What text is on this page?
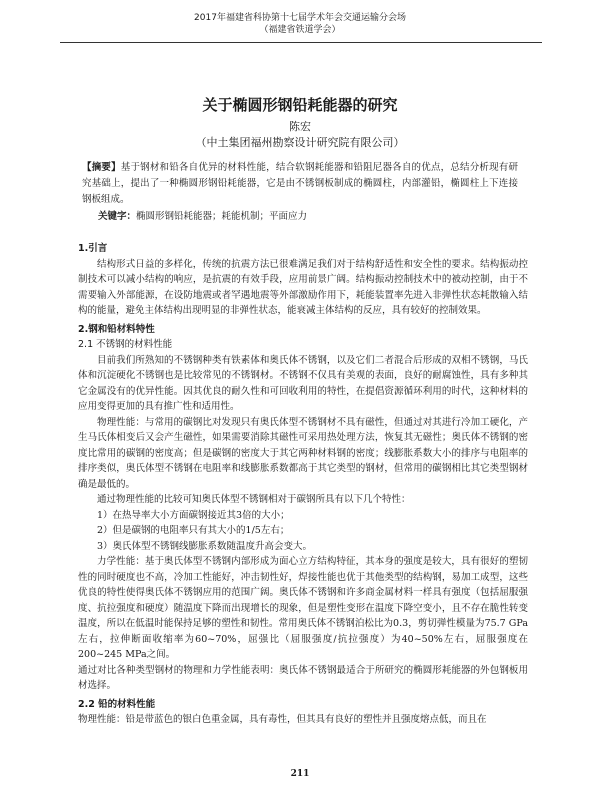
2017年福建省科协第十七届学术年会交通运输分会场
（福建省铁道学会）
关于椭圆形钢铅耗能器的研究
陈宏
（中土集团福州勘察设计研究院有限公司）
【摘要】基于钢材和铅各自优异的材料性能，结合软钢耗能器和铅阻尼器各自的优点，总结分析现有研究基础上，提出了一种椭圆形钢铅耗能器，它是由不锈钢板制成的椭圆柱，内部灌铅，椭圆柱上下连接钢板组成。
关键字：椭圆形钢铅耗能器；耗能机制；平面应力

1.引言

结构形式日益的多样化，传统的抗震方法已很难满足我们对于结构舒适性和安全性的要求。结构振动控制技术可以减小结构的响应，是抗震的有效手段，应用前景广阔。结构振动控制技术中的被动控制，由于不需要输入外部能源，在设防地震或者罕遇地震等外部激励作用下，耗能装置率先进入非弹性状态耗散输入结构的能量，避免主体结构出现明显的非弹性状态，能衰减主体结构的反应，具有较好的控制效果。

2.钢和铅材料特性

2.1 不锈钢的材料性能

目前我们所熟知的不锈钢种类有铁素体和奥氏体不锈钢，以及它们二者混合后形成的双相不锈钢，马氏体和沉淀硬化不锈钢也是比较常见的不锈钢材。不锈钢不仅具有美观的表面，良好的耐腐蚀性，具有多种其它金属没有的优异性能。因其优良的耐久性和可回收利用的特性，在提倡资源循环利用的时代，这种材料的应用变得更加的具有推广性和适用性。

物理性能：与常用的碳钢比对发现只有奥氏体型不锈钢材不具有磁性，但通过对其进行冷加工硬化，产生马氏体相变后又会产生磁性，如果需要消除其磁性可采用热处理方法，恢复其无磁性；奥氏体不锈钢的密度比常用的碳钢的密度高；但是碳钢的密度大于其它两种材料钢的密度；线膨胀系数大小的排序与电阻率的排序类似，奥氏体型不锈钢在电阻率和线膨胀系数都高于其它类型的钢材，但常用的碳钢相比其它类型钢材确是最低的。

通过物理性能的比较可知奥氏体型不锈钢相对于碳钢所具有以下几个特性：

1）在热导率大小方面碳钢接近其3倍的大小；

2）但是碳钢的电阻率只有其大小的1/5左右；

3）奥氏体型不锈钢线膨胀系数随温度升高会变大。

力学性能：基于奥氏体型不锈钢内部形成为面心立方结构特征，其本身的强度是较大，具有很好的塑韧性的同时硬度也不高，冷加工性能好，冲击韧性好，焊接性能也优于其他类型的结构钢，易加工成型，这些优良的特性使得奥氏体不锈钢应用的范围广阔。奥氏体不锈钢和许多商金属材料一样具有强度（包括屈服强度、抗拉强度和硬度）随温度下降而出现增长的现象，但是塑性变形在温度下降空变小，且不存在脆性转变温度，所以在低温时能保持足够的塑性和韧性。常用奥氏体不锈钢泊松比为0.3，剪切弹性模量为75.7 GPa左右，拉伸断面收缩率为60~70%，屈强比（屈服强度/抗拉强度）为40~50%左右，屈服强度在200~245 MPa之间。

通过对比各种类型钢材的物理和力学性能表明：奥氏体不锈钢最适合于所研究的椭圆形耗能器的外包钢板用材选择。

2.2 铅的材料性能

物理性能：铅是带蓝色的银白色重金属，具有毒性，但其具有良好的塑性并且强度熔点低，而且在

211
